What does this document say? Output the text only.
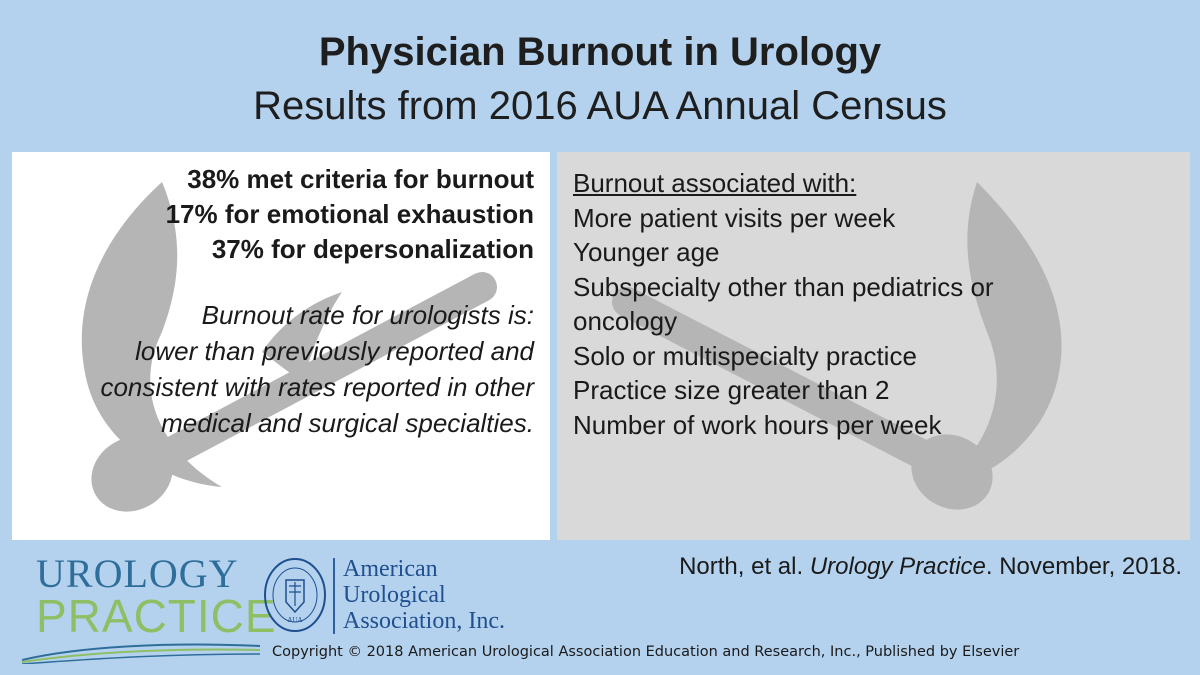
Physician Burnout in Urology
Results from 2016 AUA Annual Census
38% met criteria for burnout
17% for emotional exhaustion
37% for depersonalization
Burnout rate for urologists is:
lower than previously reported and
consistent with rates reported in other
medical and surgical specialties.
Burnout associated with:
More patient visits per week
Younger age
Subspecialty other than pediatrics or
oncology
Solo or multispecialty practice
Practice size greater than 2
Number of work hours per week
North, et al. Urology Practice. November, 2018.
UROLOGY
PRACTICE AUA
American
Urological
Association, Inc.
Copyright © 2018 American Urological Association Education and Research, Inc., Published by Elsevier
